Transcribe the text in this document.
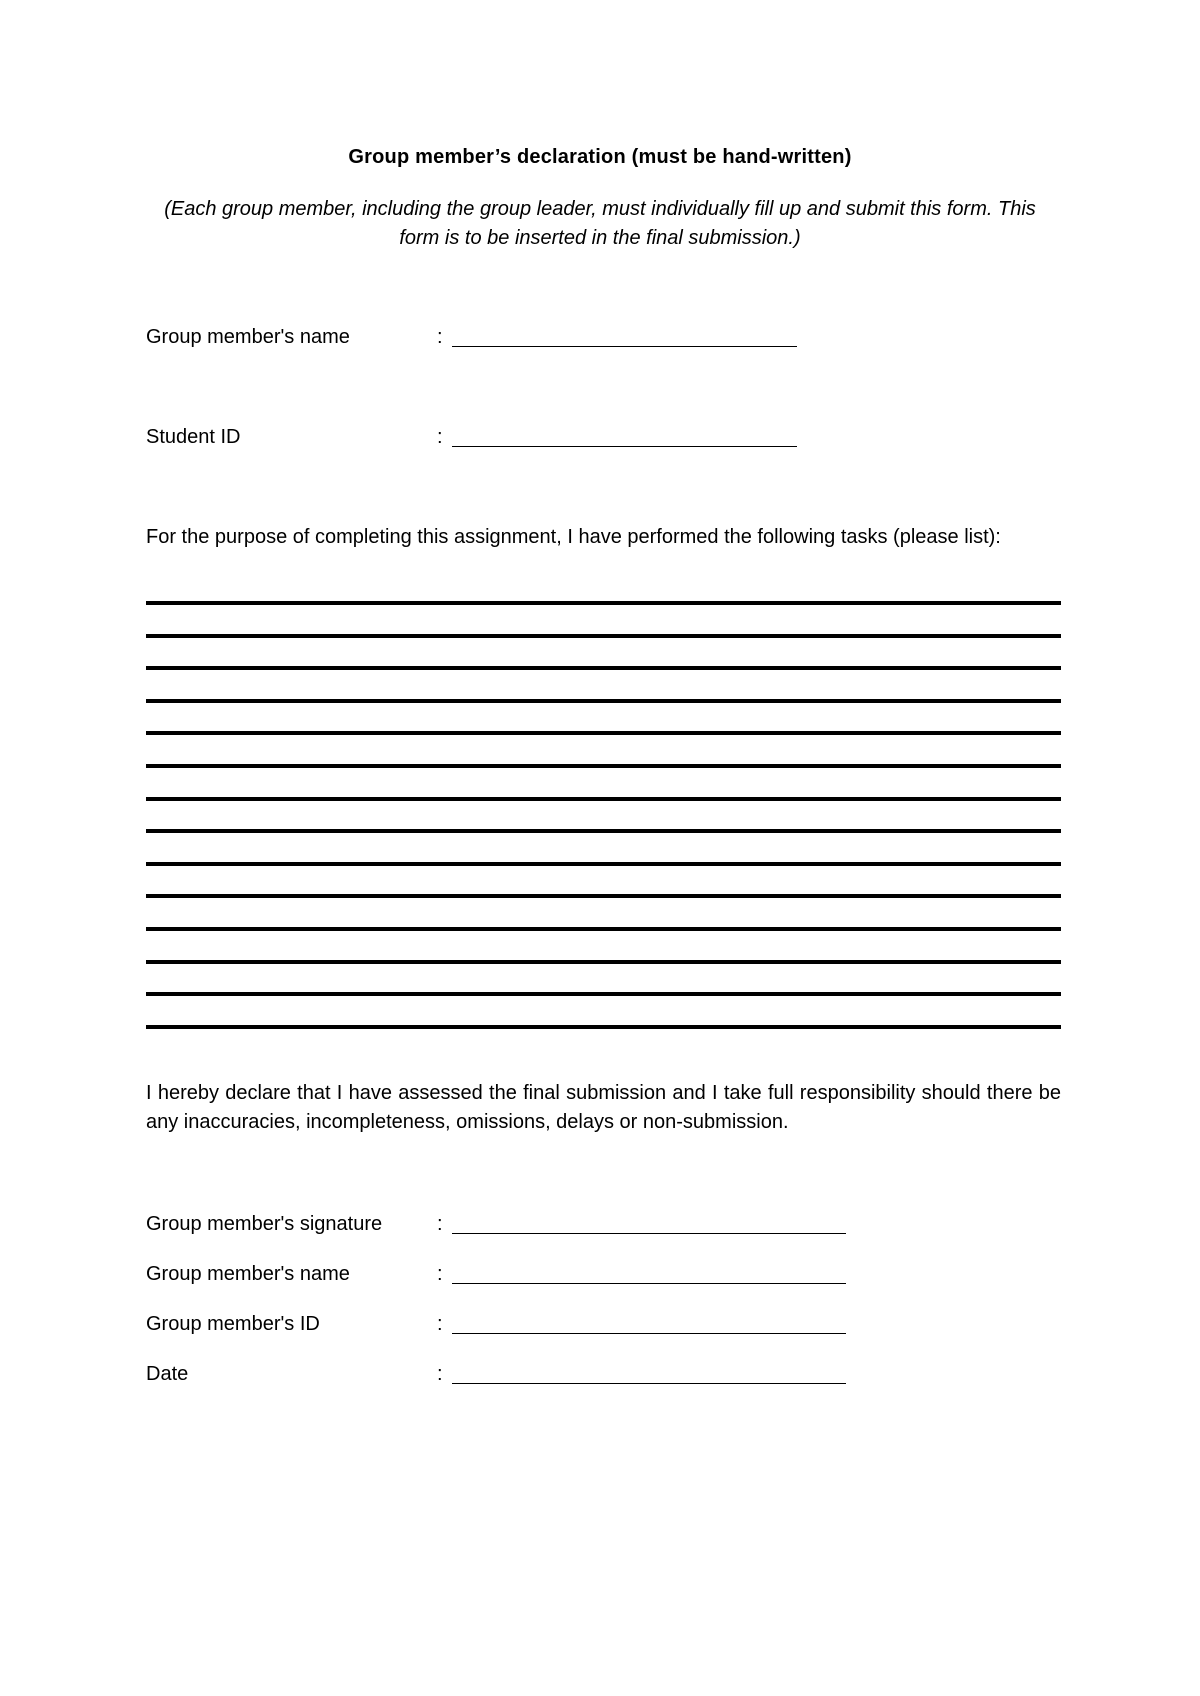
Group member’s declaration (must be hand-written)
(Each group member, including the group leader, must individually fill up and submit this form. This form is to be inserted in the final submission.)
Group member's name	:
Student ID	:
For the purpose of completing this assignment, I have performed the following tasks (please list):
I hereby declare that I have assessed the final submission and I take full responsibility should there be any inaccuracies, incompleteness, omissions, delays or non-submission.
Group member's signature	:
Group member's name	:
Group member's ID	:
Date	:
